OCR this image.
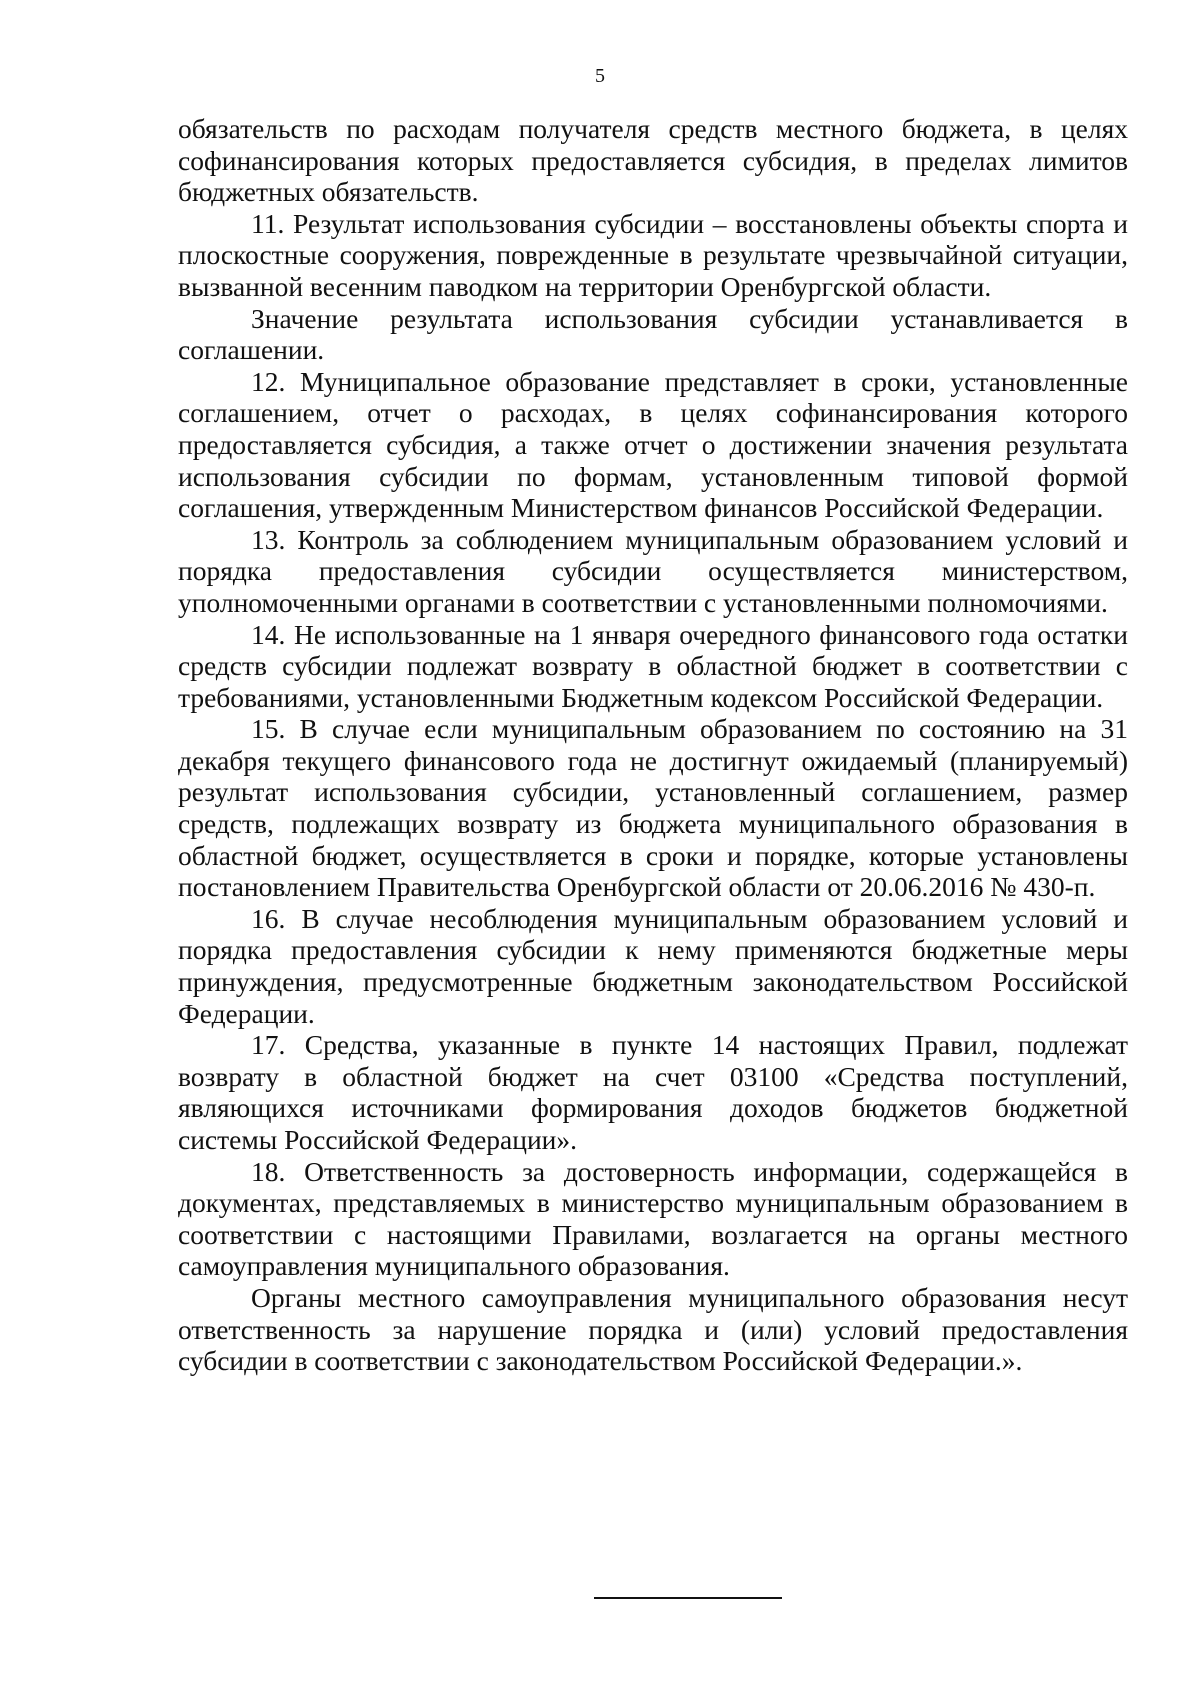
5

обязательств по расходам получателя средств местного бюджета, в целях софинансирования которых предоставляется субсидия, в пределах лимитов бюджетных обязательств.

11. Результат использования субсидии – восстановлены объекты спорта и плоскостные сооружения, поврежденные в результате чрезвычайной ситуации, вызванной весенним паводком на территории Оренбургской области.

Значение результата использования субсидии устанавливается в соглашении.

12. Муниципальное образование представляет в сроки, установленные соглашением, отчет о расходах, в целях софинансирования которого предоставляется субсидия, а также отчет о достижении значения результата использования субсидии по формам, установленным типовой формой соглашения, утвержденным Министерством финансов Российской Федерации.

13. Контроль за соблюдением муниципальным образованием условий и порядка предоставления субсидии осуществляется министерством, уполномоченными органами в соответствии с установленными полномочиями.

14. Не использованные на 1 января очередного финансового года остатки средств субсидии подлежат возврату в областной бюджет в соответствии с требованиями, установленными Бюджетным кодексом Российской Федерации.

15. В случае если муниципальным образованием по состоянию на 31 декабря текущего финансового года не достигнут ожидаемый (планируемый) результат использования субсидии, установленный соглашением, размер средств, подлежащих возврату из бюджета муниципального образования в областной бюджет, осуществляется в сроки и порядке, которые установлены постановлением Правительства Оренбургской области от 20.06.2016 № 430-п.

16. В случае несоблюдения муниципальным образованием условий и порядка предоставления субсидии к нему применяются бюджетные меры принуждения, предусмотренные бюджетным законодательством Российской Федерации.

17. Средства, указанные в пункте 14 настоящих Правил, подлежат возврату в областной бюджет на счет 03100 «Средства поступлений, являющихся источниками формирования доходов бюджетов бюджетной системы Российской Федерации».

18. Ответственность за достоверность информации, содержащейся в документах, представляемых в министерство муниципальным образованием в соответствии с настоящими Правилами, возлагается на органы местного самоуправления муниципального образования.

Органы местного самоуправления муниципального образования несут ответственность за нарушение порядка и (или) условий предоставления субсидии в соответствии с законодательством Российской Федерации.».
